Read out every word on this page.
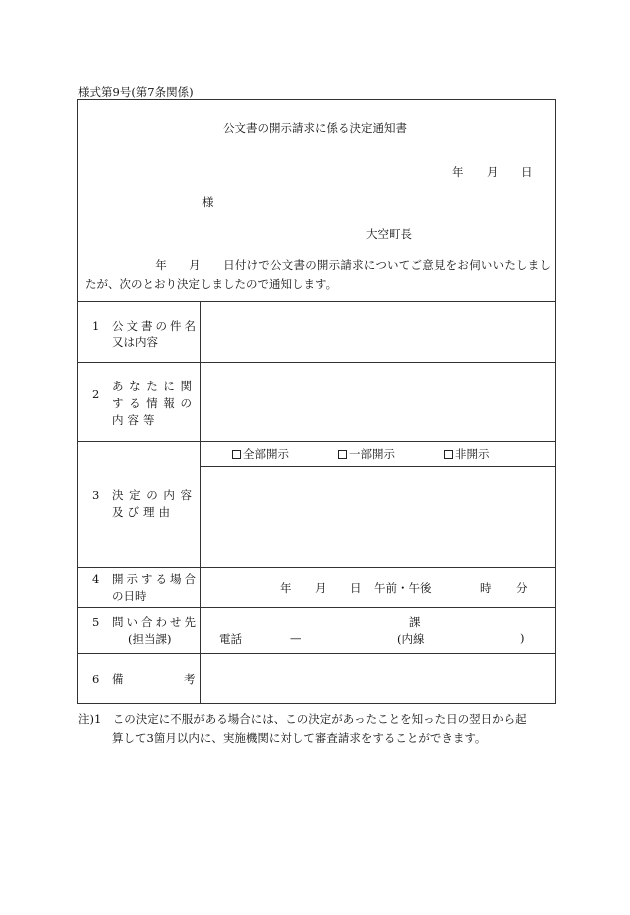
様式第9号(第7条関係)
公文書の開示請求に係る決定通知書
年 月 日
様
大空町長
年 月 日付けで公文書の開示請求についてご意見をお伺いいたしましたが、次のとおり決定しましたので通知します。
1 公文書の件名
又は内容
2
あなたに関する情報の内容等
3 決定の内容及び理由
全部開示	一部開示	非開示
4 開示する場合
の日時
年 月 日 午前・午後	時 分
5 問い合わせ先
(担当課)
課
電話	—	(内線	)
6 備	考
注)1　この決定に不服がある場合には、この決定があったことを知った日の翌日から起
算して3箇月以内に、実施機関に対して審査請求をすることができます。
